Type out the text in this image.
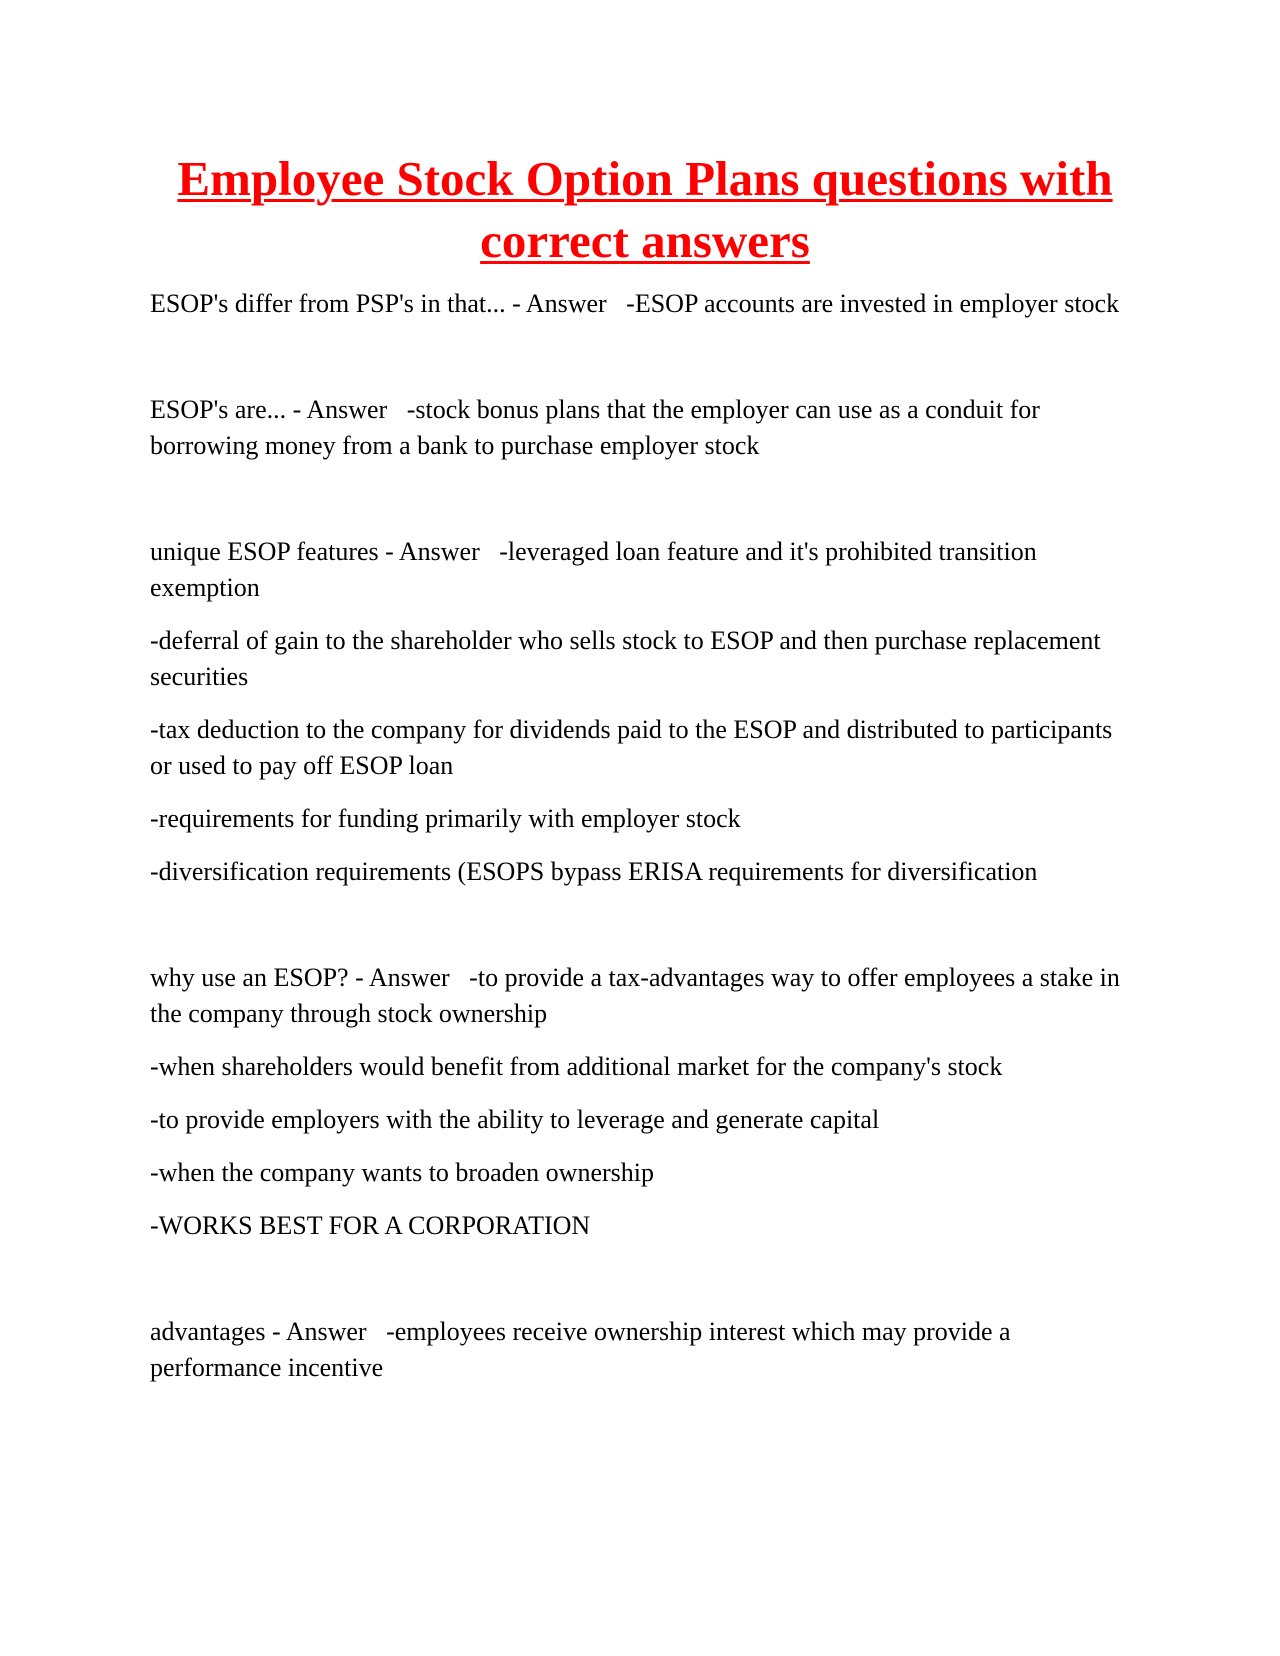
Employee Stock Option Plans questions with correct answers

ESOP's differ from PSP's in that... - Answer   -ESOP accounts are invested in employer stock

ESOP's are... - Answer   -stock bonus plans that the employer can use as a conduit for borrowing money from a bank to purchase employer stock

unique ESOP features - Answer   -leveraged loan feature and it's prohibited transition exemption

-deferral of gain to the shareholder who sells stock to ESOP and then purchase replacement securities

-tax deduction to the company for dividends paid to the ESOP and distributed to participants or used to pay off ESOP loan

-requirements for funding primarily with employer stock

-diversification requirements (ESOPS bypass ERISA requirements for diversification

why use an ESOP? - Answer   -to provide a tax-advantages way to offer employees a stake in the company through stock ownership

-when shareholders would benefit from additional market for the company's stock

-to provide employers with the ability to leverage and generate capital

-when the company wants to broaden ownership

-WORKS BEST FOR A CORPORATION

advantages - Answer   -employees receive ownership interest which may provide a performance incentive
